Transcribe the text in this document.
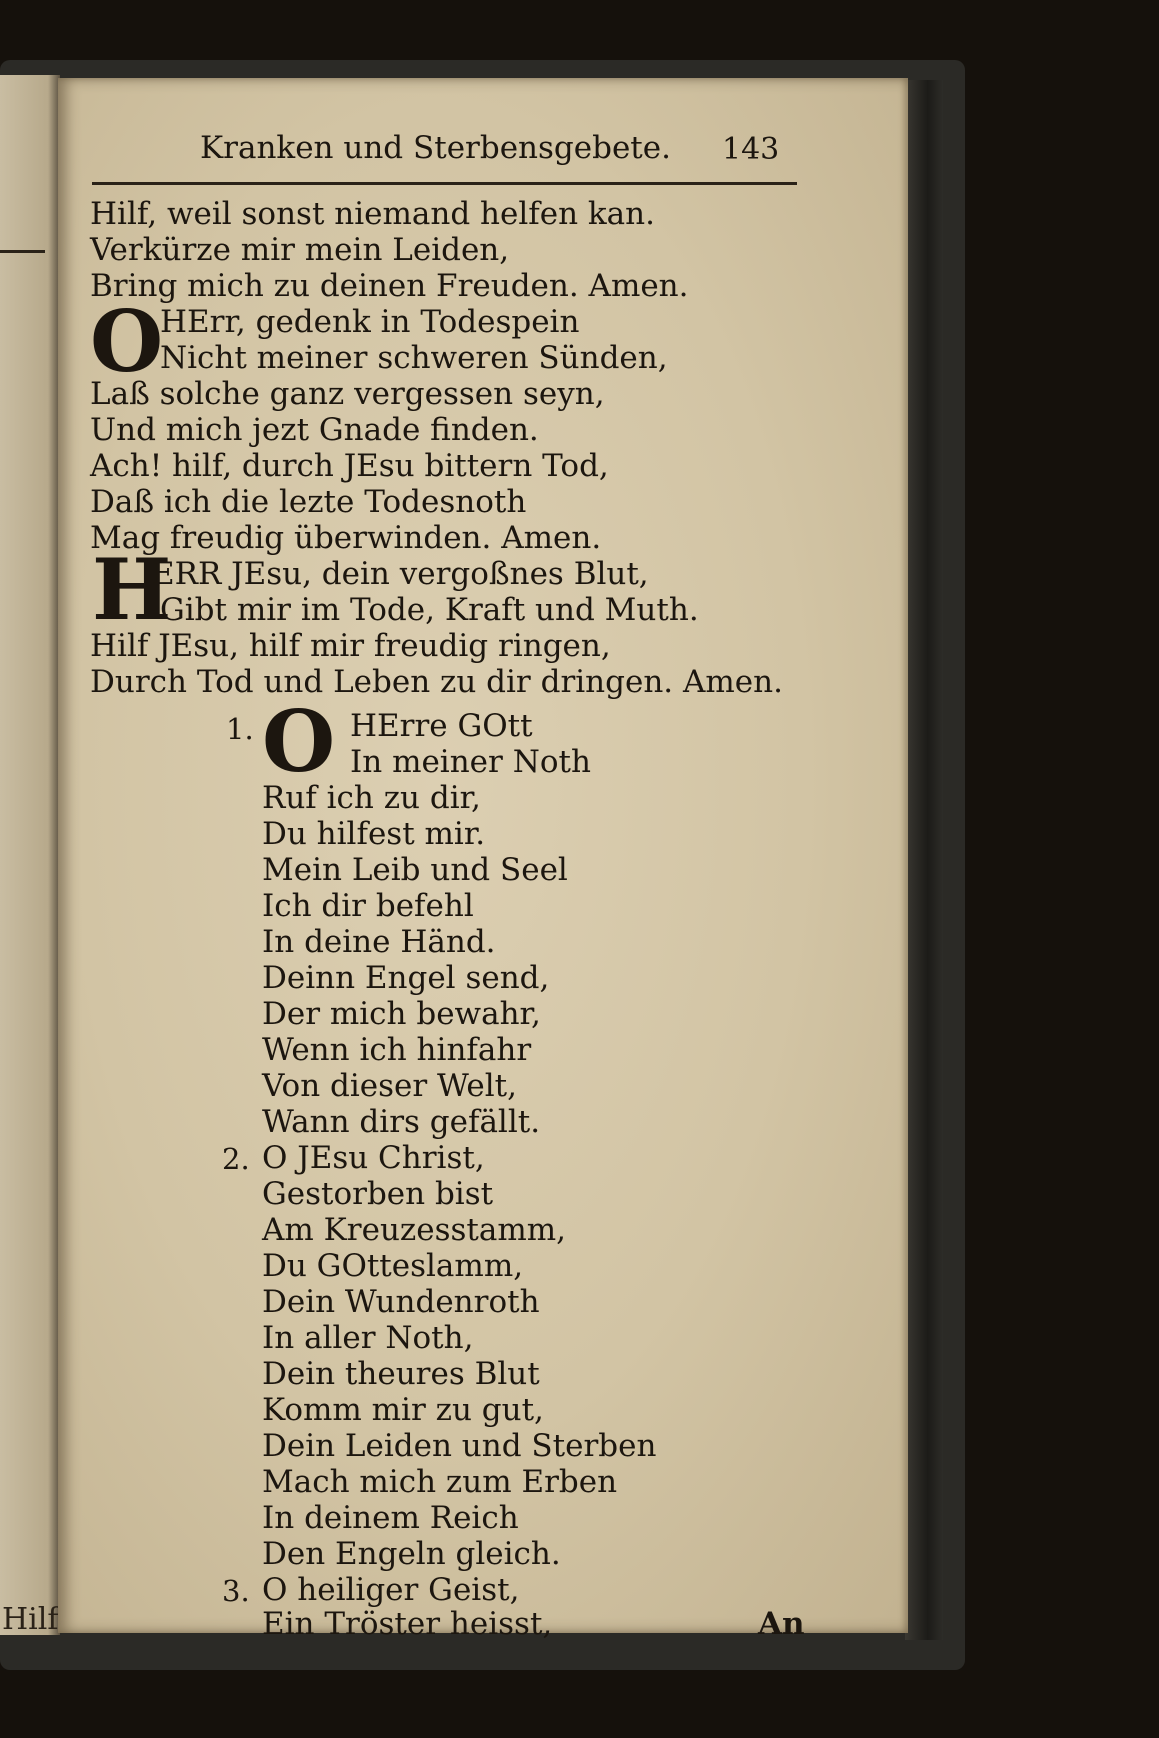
Hilf
Kranken und Sterbensgebete.	143
Hilf, weil sonst niemand helfen kan.
Verkürze mir mein Leiden,
Bring mich zu deinen Freuden. Amen.
O
HErr, gedenk in Todespein
Nicht meiner schweren Sünden,
Laß solche ganz vergessen seyn,
Und mich jezt Gnade finden.
Ach! hilf, durch JEsu bittern Tod,
Daß ich die lezte Todesnoth
Mag freudig überwinden. Amen.
H
ERR JEsu, dein vergoßnes Blut,
Gibt mir im Tode, Kraft und Muth.
Hilf JEsu, hilf mir freudig ringen,
Durch Tod und Leben zu dir dringen. Amen.
1. O HErre GOtt
In meiner Noth
Ruf ich zu dir,
Du hilfest mir.
Mein Leib und Seel
Ich dir befehl
In deine Händ.
Deinn Engel send,
Der mich bewahr,
Wenn ich hinfahr
Von dieser Welt,
Wann dirs gefällt.
2. O JEsu Christ,
Gestorben bist
Am Kreuzesstamm,
Du GOtteslamm,
Dein Wundenroth
In aller Noth,
Dein theures Blut
Komm mir zu gut,
Dein Leiden und Sterben
Mach mich zum Erben
In deinem Reich
Den Engeln gleich.
3. O heiliger Geist,
Ein Tröster heisst,	An
